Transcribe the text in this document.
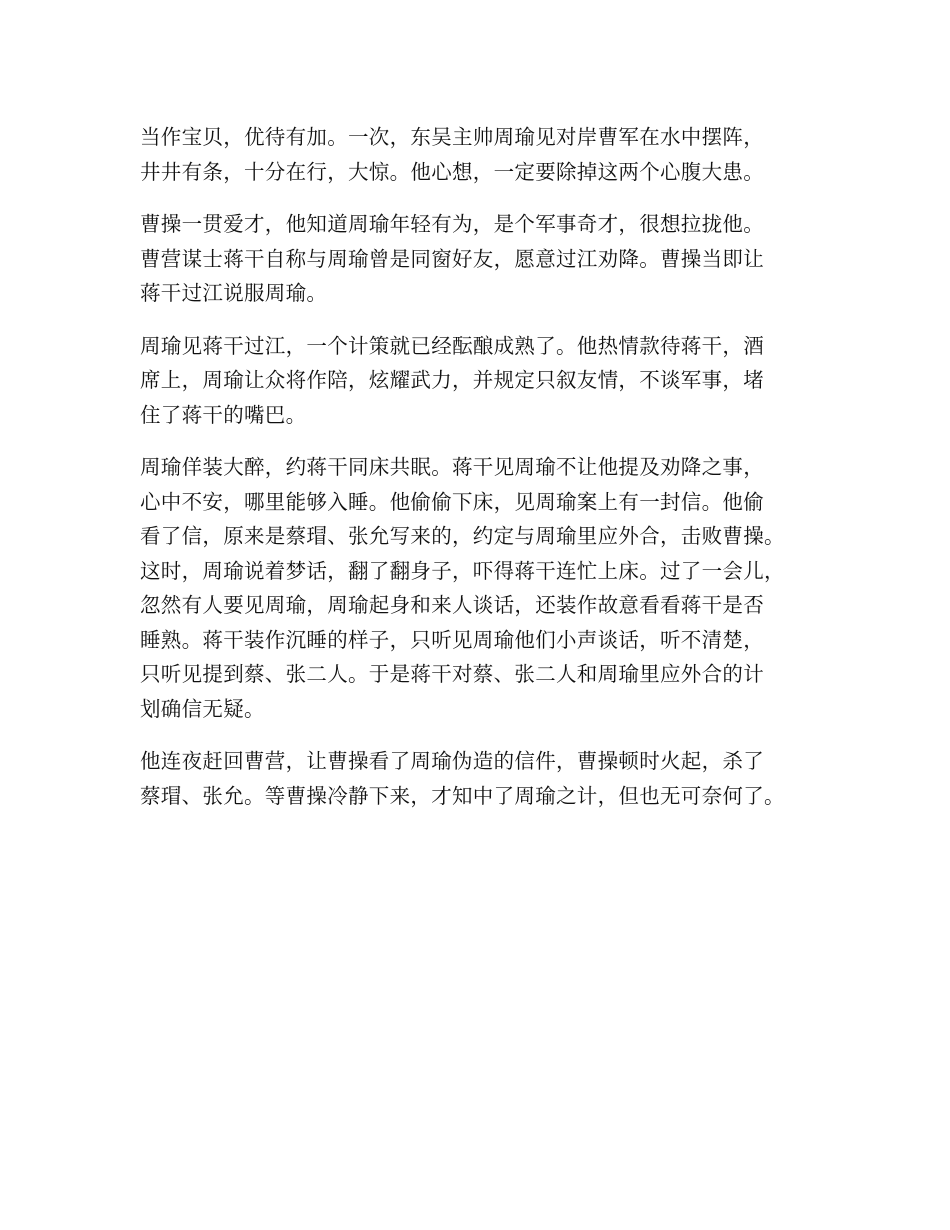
当作宝贝，优待有加。一次，东吴主帅周瑜见对岸曹军在水中摆阵，
井井有条，十分在行，大惊。他心想，一定要除掉这两个心腹大患。

曹操一贯爱才，他知道周瑜年轻有为，是个军事奇才，很想拉拢他。
曹营谋士蒋干自称与周瑜曾是同窗好友，愿意过江劝降。曹操当即让
蒋干过江说服周瑜。

周瑜见蒋干过江，一个计策就已经酝酿成熟了。他热情款待蒋干，酒
席上，周瑜让众将作陪，炫耀武力，并规定只叙友情，不谈军事，堵
住了蒋干的嘴巴。

周瑜佯装大醉，约蒋干同床共眠。蒋干见周瑜不让他提及劝降之事，
心中不安，哪里能够入睡。他偷偷下床，见周瑜案上有一封信。他偷
看了信，原来是蔡瑁、张允写来的，约定与周瑜里应外合，击败曹操。
这时，周瑜说着梦话，翻了翻身子，吓得蒋干连忙上床。过了一会儿，
忽然有人要见周瑜，周瑜起身和来人谈话，还装作故意看看蒋干是否
睡熟。蒋干装作沉睡的样子，只听见周瑜他们小声谈话，听不清楚，
只听见提到蔡、张二人。于是蒋干对蔡、张二人和周瑜里应外合的计
划确信无疑。

他连夜赶回曹营，让曹操看了周瑜伪造的信件，曹操顿时火起，杀了
蔡瑁、张允。等曹操冷静下来，才知中了周瑜之计，但也无可奈何了。
